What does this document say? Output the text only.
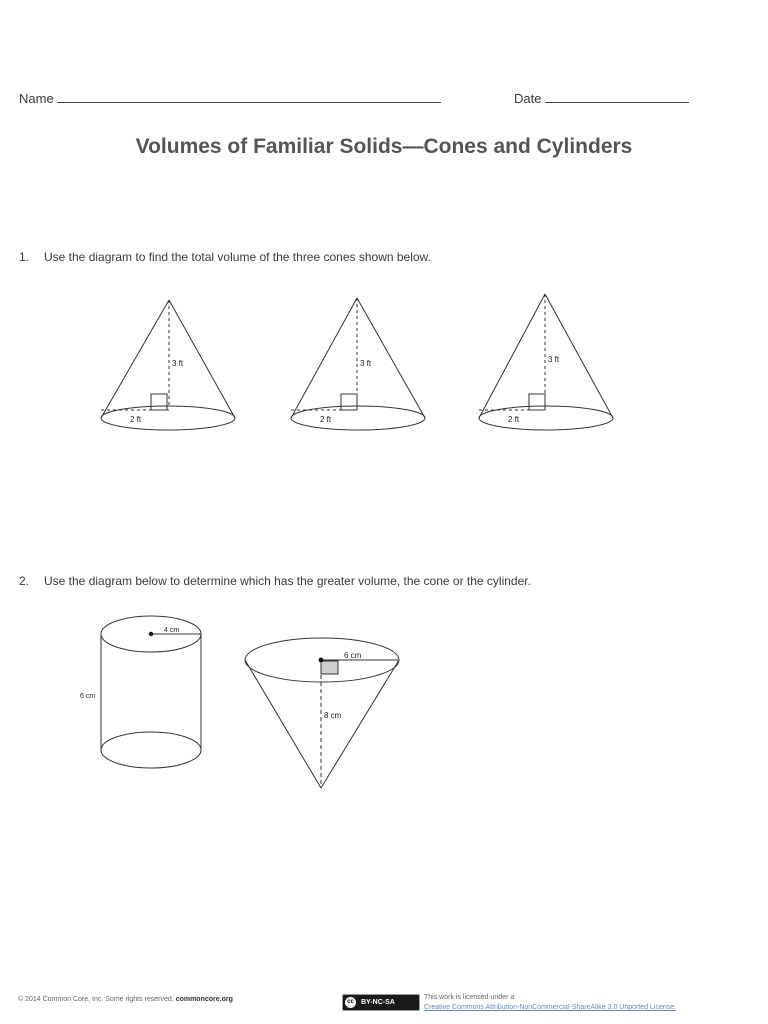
Name	Date
Volumes of Familiar Solids—Cones and Cylinders
1. Use the diagram to find the total volume of the three cones shown below.
3 ft
2 ft
3 ft
2 ft
3 ft
2 ft
2. Use the diagram below to determine which has the greater volume, the cone or the cylinder.
4 cm
6 cm
6 cm
8 cm
© 2014 Common Core, Inc. Some rights reserved. commoncore.org	cc	BY-NC-SA
This work is licensed under a
Creative Commons Attribution-NonCommercial-ShareAlike 3.0 Unported License.
